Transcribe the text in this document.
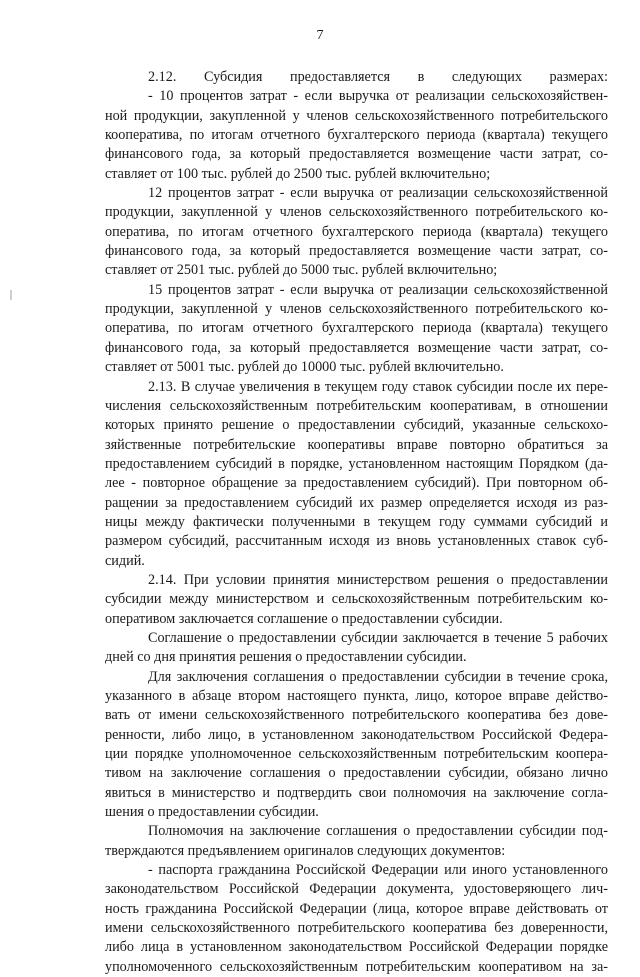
7
2.12. Субсидия предоставляется в следующих размерах:
- 10 процентов затрат - если выручка от реализации сельскохозяйствен-
ной продукции, закупленной у членов сельскохозяйственного потребительского
кооператива, по итогам отчетного бухгалтерского периода (квартала) текущего
финансового года, за который предоставляется возмещение части затрат, со-
ставляет от 100 тыс. рублей до 2500 тыс. рублей включительно;
12 процентов затрат - если выручка от реализации сельскохозяйственной
продукции, закупленной у членов сельскохозяйственного потребительского ко-
оператива, по итогам отчетного бухгалтерского периода (квартала) текущего
финансового года, за который предоставляется возмещение части затрат, со-
ставляет от 2501 тыс. рублей до 5000 тыс. рублей включительно;
15 процентов затрат - если выручка от реализации сельскохозяйственной
продукции, закупленной у членов сельскохозяйственного потребительского ко-
оператива, по итогам отчетного бухгалтерского периода (квартала) текущего
финансового года, за который предоставляется возмещение части затрат, со-
ставляет от 5001 тыс. рублей до 10000 тыс. рублей включительно.
2.13. В случае увеличения в текущем году ставок субсидии после их пере-
числения сельскохозяйственным потребительским кооперативам, в отношении
которых принято решение о предоставлении субсидий, указанные сельскохо-
зяйственные потребительские кооперативы вправе повторно обратиться за
предоставлением субсидий в порядке, установленном настоящим Порядком (да-
лее - повторное обращение за предоставлением субсидий). При повторном об-
ращении за предоставлением субсидий их размер определяется исходя из раз-
ницы между фактически полученными в текущем году суммами субсидий и
размером субсидий, рассчитанным исходя из вновь установленных ставок суб-
сидий.
2.14. При условии принятия министерством решения о предоставлении
субсидии между министерством и сельскохозяйственным потребительским ко-
оперативом заключается соглашение о предоставлении субсидии.
Соглашение о предоставлении субсидии заключается в течение 5 рабочих
дней со дня принятия решения о предоставлении субсидии.
Для заключения соглашения о предоставлении субсидии в течение срока,
указанного в абзаце втором настоящего пункта, лицо, которое вправе действо-
вать от имени сельскохозяйственного потребительского кооператива без дове-
ренности, либо лицо, в установленном законодательством Российской Федера-
ции порядке уполномоченное сельскохозяйственным потребительским коопера-
тивом на заключение соглашения о предоставлении субсидии, обязано лично
явиться в министерство и подтвердить свои полномочия на заключение согла-
шения о предоставлении субсидии.
Полномочия на заключение соглашения о предоставлении субсидии под-
тверждаются предъявлением оригиналов следующих документов:
- паспорта гражданина Российской Федерации или иного установленного
законодательством Российской Федерации документа, удостоверяющего лич-
ность гражданина Российской Федерации (лица, которое вправе действовать от
имени сельскохозяйственного потребительского кооператива без доверенности,
либо лица в установленном законодательством Российской Федерации порядке
уполномоченного сельскохозяйственным потребительским кооперативом на за-
